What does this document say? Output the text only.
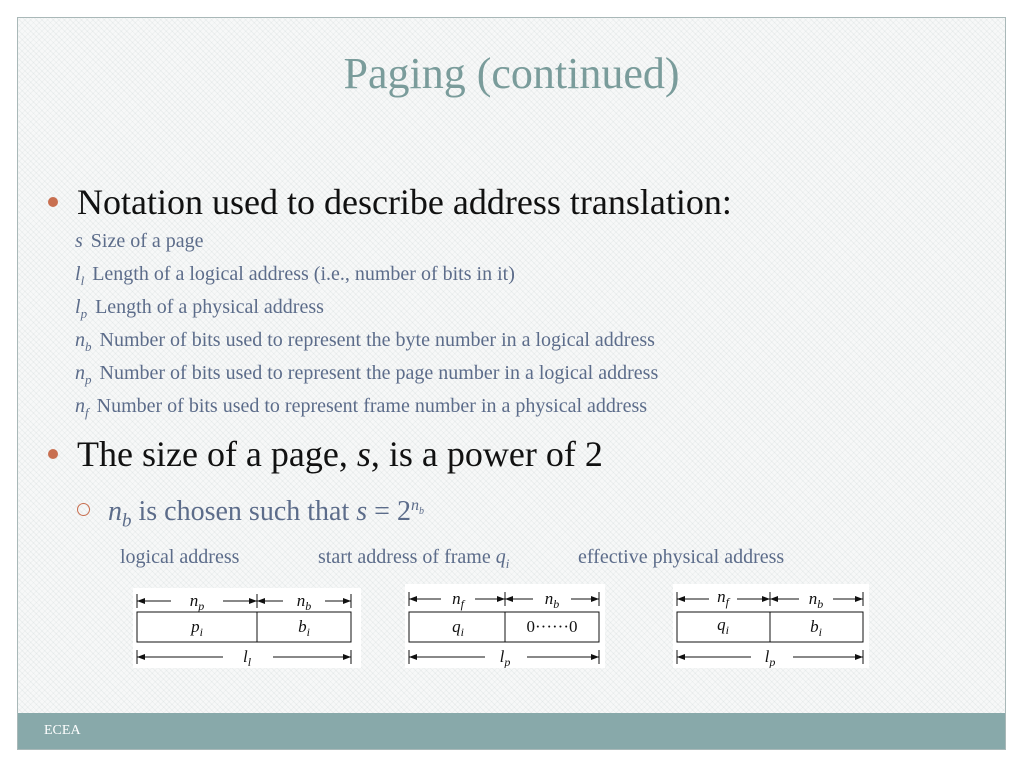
Paging (continued)
Notation used to describe address translation:
s Size of a page
$l_l$ Length of a logical address (i.e., number of bits in it)
$l_p$ Length of a physical address
$n_b$ Number of bits used to represent the byte number in a logical address
$n_p$ Number of bits used to represent the page number in a logical address
$n_f$ Number of bits used to represent frame number in a physical address
The size of a page, s, is a power of 2
$n_b$ is chosen such that $s = 2^{n_b}$
logical address	start address of frame $q_i$	effective physical address
$n_p$	$n_b$
$p_i$	$b_i$
$l_l$
$n_f$	$n_b$
$q_i$	0······0
$l_p$
$n_f$	$n_b$
$q_i$	$b_i$
$l_p$
ECEA
